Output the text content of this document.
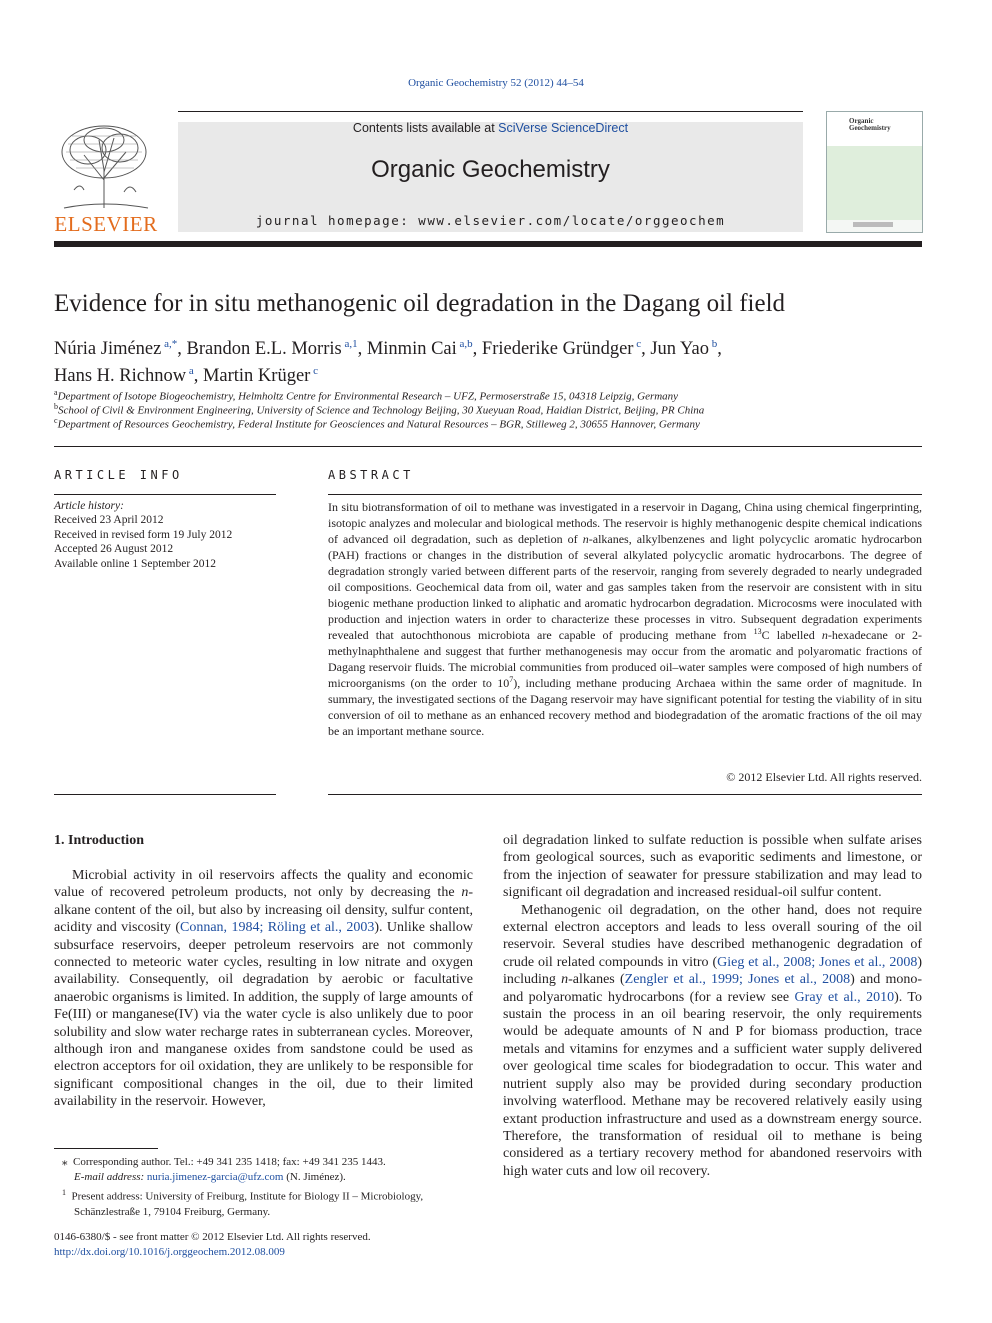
Organic Geochemistry 52 (2012) 44–54
Contents lists available at SciVerse ScienceDirect
Organic Geochemistry
journal homepage: www.elsevier.com/locate/orggeochem
ELSEVIER
Organic
Geochemistry
Evidence for in situ methanogenic oil degradation in the Dagang oil field
Núria Jiménez $^{a,*}$, Brandon E.L. Morris $^{a,1}$, Minmin Cai $^{a,b}$, Friederike Gründger $^c$, Jun Yao $^b$,
Hans H. Richnow $^a$, Martin Krüger $^c$
$^a$Department of Isotope Biogeochemistry, Helmholtz Centre for Environmental Research – UFZ, Permoserstraße 15, 04318 Leipzig, Germany
$^b$School of Civil & Environment Engineering, University of Science and Technology Beijing, 30 Xueyuan Road, Haidian District, Beijing, PR China
$^c$Department of Resources Geochemistry, Federal Institute for Geosciences and Natural Resources – BGR, Stilleweg 2, 30655 Hannover, Germany
ARTICLE INFO
Article history:
Received 23 April 2012
Received in revised form 19 July 2012
Accepted 26 August 2012
Available online 1 September 2012
ABSTRACT
In situ biotransformation of oil to methane was investigated in a reservoir in Dagang, China using chemical fingerprinting, isotopic analyzes and molecular and biological methods. The reservoir is highly methanogenic despite chemical indications of advanced oil degradation, such as depletion of n-alkanes, alkylbenzenes and light polycyclic aromatic hydrocarbon (PAH) fractions or changes in the distribution of several alkylated polycyclic aromatic hydrocarbons. The degree of degradation strongly varied between different parts of the reservoir, ranging from severely degraded to nearly undegraded oil compositions. Geochemical data from oil, water and gas samples taken from the reservoir are consistent with in situ biogenic methane production linked to aliphatic and aromatic hydrocarbon degradation. Microcosms were inoculated with production and injection waters in order to characterize these processes in vitro. Subsequent degradation experiments revealed that autochthonous microbiota are capable of producing methane from $^{13}$C labelled n-hexadecane or 2-methylnaphthalene and suggest that further methanogenesis may occur from the aromatic and polyaromatic fractions of Dagang reservoir fluids. The microbial communities from produced oil–water samples were composed of high numbers of microorganisms (on the order to $10^7$), including methane producing Archaea within the same order of magnitude. In summary, the investigated sections of the Dagang reservoir may have significant potential for testing the viability of in situ conversion of oil to methane as an enhanced recovery method and biodegradation of the aromatic fractions of the oil may be an important methane source.
© 2012 Elsevier Ltd. All rights reserved.
1. Introduction

Microbial activity in oil reservoirs affects the quality and economic value of recovered petroleum products, not only by decreasing the n-alkane content of the oil, but also by increasing oil density, sulfur content, acidity and viscosity (Connan, 1984; Röling et al., 2003). Unlike shallow subsurface reservoirs, deeper petroleum reservoirs are not commonly connected to meteoric water cycles, resulting in low nitrate and oxygen availability. Consequently, oil degradation by aerobic or facultative anaerobic organisms is limited. In addition, the supply of large amounts of Fe(III) or manganese(IV) via the water cycle is also unlikely due to poor solubility and slow water recharge rates in subterranean cycles. Moreover, although iron and manganese oxides from sandstone could be used as electron acceptors for oil oxidation, they are unlikely to be responsible for significant compositional changes in the oil, due to their limited availability in the reservoir. However,

oil degradation linked to sulfate reduction is possible when sulfate arises from geological sources, such as evaporitic sediments and limestone, or from the injection of seawater for pressure stabilization and may lead to significant oil degradation and increased residual-oil sulfur content.

Methanogenic oil degradation, on the other hand, does not require external electron acceptors and leads to less overall souring of the oil reservoir. Several studies have described methanogenic degradation of crude oil related compounds in vitro (Gieg et al., 2008; Jones et al., 2008) including n-alkanes (Zengler et al., 1999; Jones et al., 2008) and mono- and polyaromatic hydrocarbons (for a review see Gray et al., 2010). To sustain the process in an oil bearing reservoir, the only requirements would be adequate amounts of N and P for biomass production, trace metals and vitamins for enzymes and a sufficient water supply delivered over geological time scales for biodegradation to occur. This water and nutrient supply also may be provided during secondary production involving waterflood. Methane may be recovered relatively easily using extant production infrastructure and used as a downstream energy source. Therefore, the transformation of residual oil to methane is being considered as a tertiary recovery method for abandoned reservoirs with high water cuts and low oil recovery.

⁎ Corresponding author. Tel.: +49 341 235 1418; fax: +49 341 235 1443.
E-mail address: nuria.jimenez-garcia@ufz.com (N. Jiménez).
$^1$ Present address: University of Freiburg, Institute for Biology II – Microbiology, Schänzlestraße 1, 79104 Freiburg, Germany.
0146-6380/$ - see front matter © 2012 Elsevier Ltd. All rights reserved.
http://dx.doi.org/10.1016/j.orggeochem.2012.08.009
